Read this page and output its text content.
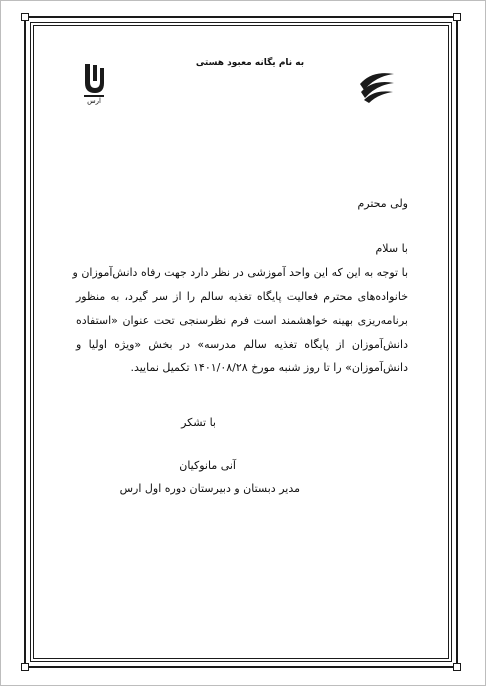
به نام یگانه معبود هستی
ارس
ولی محترم
با سلام
با توجه به این که این واحد آموزشی در نظر دارد جهت رفاه دانش‌آموزان و
خانواده‌های محترم فعالیت پایگاه تغذیه سالم را از سر گیرد، به منظور
برنامه‌ریزی بهینه خواهشمند است فرم نظرسنجی تحت عنوان «استفاده
دانش‌آموزان از پایگاه تغذیه سالم مدرسه» در بخش «ویژه اولیا و
دانش‌آموزان» را تا روز شنبه مورخ ۱۴۰۱/۰۸/۲۸ تکمیل نمایید.
با تشکر
آنی مانوکیان
مدیر دبستان و دبیرستان دوره اول ارس
